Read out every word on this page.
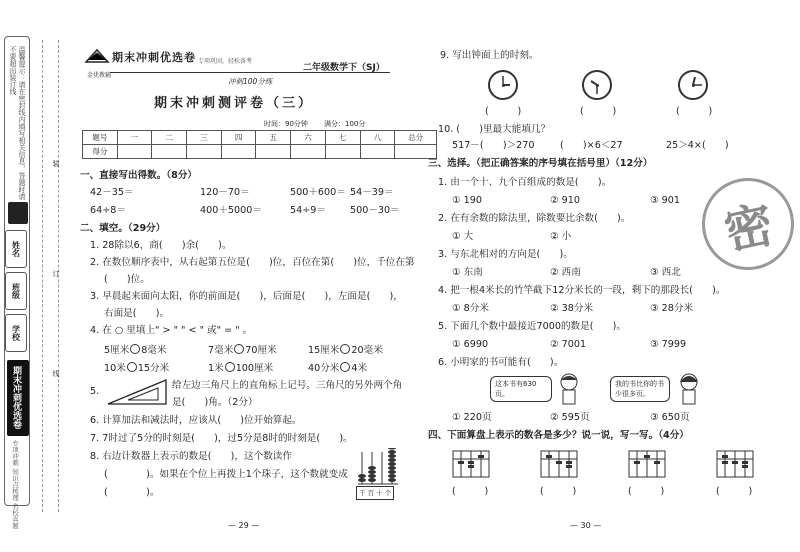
温馨提示：请在密封线内填写相关信息，答题时请不要超出装订线
姓名
班级
学校
期末冲刺优选卷
专项冲刺 知识点梳理 名校真题
装
订
线
期末冲刺优选卷
金优教辅
专项巩固，轻松备考
二年级数学下（SJ）
冲刺100分练
期末冲刺测评卷（三）
时间：90分钟 满分：100分
题号	一	二	三	四	五	六	七	八	总分
得分									
一、直接写出得数。（8分）
42－35＝	120－70＝	500＋600＝ 54－39＝
64÷8＝	400＋5000＝	54÷9＝	500－30＝
二、填空。（29分）
1. 28除以6，商(　　)余(　　)。
2. 在数位顺序表中，从右起第五位是(　　)位，百位在第(　　)位，千位在第
(　　)位。
3. 早晨起来面向太阳，你的前面是(　　)，后面是(　　)，左面是(　　)，
右面是(　　)。
4. 在 ○ 里填上" > " " < " 或" = " 。
5厘米 8毫米	7毫米 70厘米	15厘米 20毫米
10米 15分米	1米 100厘米	40分米 4米
5.
给左边三角尺上的直角标上记号。三角尺的另外两个角
是(　　)角。（2分）
6. 计算加法和减法时，应该从(　　)位开始算起。
7. 7时过了5分的时刻是(　　)，过5分是8时的时刻是(　　)。
8. 右边计数器上表示的数是(　　)，这个数读作
(　　　　)。如果在个位上再拨上1个珠子，这个数就变成
(　　　　)。	千 百 十 个
— 29 —
9. 写出钟面上的时刻。
(　　　)	(　　　)	(　　　)
10. (　　)里最大能填几？
517－(　　)＞270	(　　)×6＜27	25＞4×(　　)
三、选择。（把正确答案的序号填在括号里）（12分）
1. 由一个十、九个百组成的数是(　　)。
① 190	② 910	③ 901
2. 在有余数的除法里，除数要比余数(　　)。
① 大	② 小
3. 与东北相对的方向是(　　)。
① 东南	② 西南	③ 西北
4. 把一根4米长的竹竿截下12分米长的一段，剩下的那段长(　　)。
① 8分米	② 38分米	③ 28分米
5. 下面几个数中最接近7000的数是(　　)。
① 6990	② 7001	③ 7999
6. 小明家的书可能有(　　)。
这本书有630页。
我的书比你的书少很多页。
① 220页	② 595页	③ 650页
四、下面算盘上表示的数各是多少？说一说，写一写。（4分）
(　　　)	(　　　)	(　　　)	(　　　)
密
— 30 —
